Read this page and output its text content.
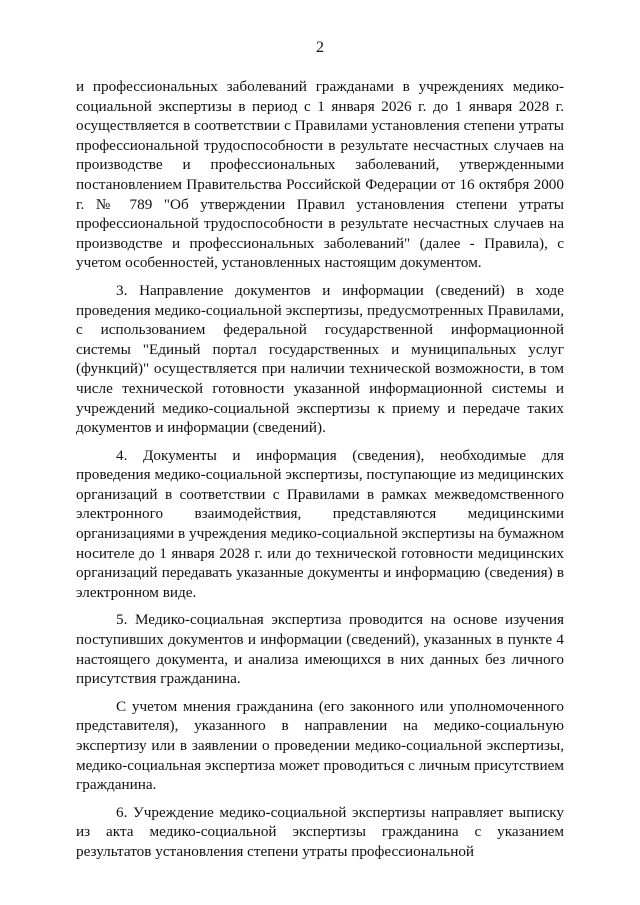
2

и профессиональных заболеваний гражданами в учреждениях медико-социальной экспертизы в период с 1 января 2026 г. до 1 января 2028 г. осуществляется в соответствии с Правилами установления степени утраты профессиональной трудоспособности в результате несчастных случаев на производстве и профессиональных заболеваний, утвержденными постановлением Правительства Российской Федерации от 16 октября 2000 г. № 789 "Об утверждении Правил установления степени утраты профессиональной трудоспособности в результате несчастных случаев на производстве и профессиональных заболеваний" (далее - Правила), с учетом особенностей, установленных настоящим документом.

3. Направление документов и информации (сведений) в ходе проведения медико-социальной экспертизы, предусмотренных Правилами, с использованием федеральной государственной информационной системы "Единый портал государственных и муниципальных услуг (функций)" осуществляется при наличии технической возможности, в том числе технической готовности указанной информационной системы и учреждений медико-социальной экспертизы к приему и передаче таких документов и информации (сведений).

4. Документы и информация (сведения), необходимые для проведения медико-социальной экспертизы, поступающие из медицинских организаций в соответствии с Правилами в рамках межведомственного электронного взаимодействия, представляются медицинскими организациями в учреждения медико-социальной экспертизы на бумажном носителе до 1 января 2028 г. или до технической готовности медицинских организаций передавать указанные документы и информацию (сведения) в электронном виде.

5. Медико-социальная экспертиза проводится на основе изучения поступивших документов и информации (сведений), указанных в пункте 4 настоящего документа, и анализа имеющихся в них данных без личного присутствия гражданина.

С учетом мнения гражданина (его законного или уполномоченного представителя), указанного в направлении на медико-социальную экспертизу или в заявлении о проведении медико-социальной экспертизы, медико-социальная экспертиза может проводиться с личным присутствием гражданина.

6. Учреждение медико-социальной экспертизы направляет выписку из акта медико-социальной экспертизы гражданина с указанием результатов установления степени утраты профессиональной
